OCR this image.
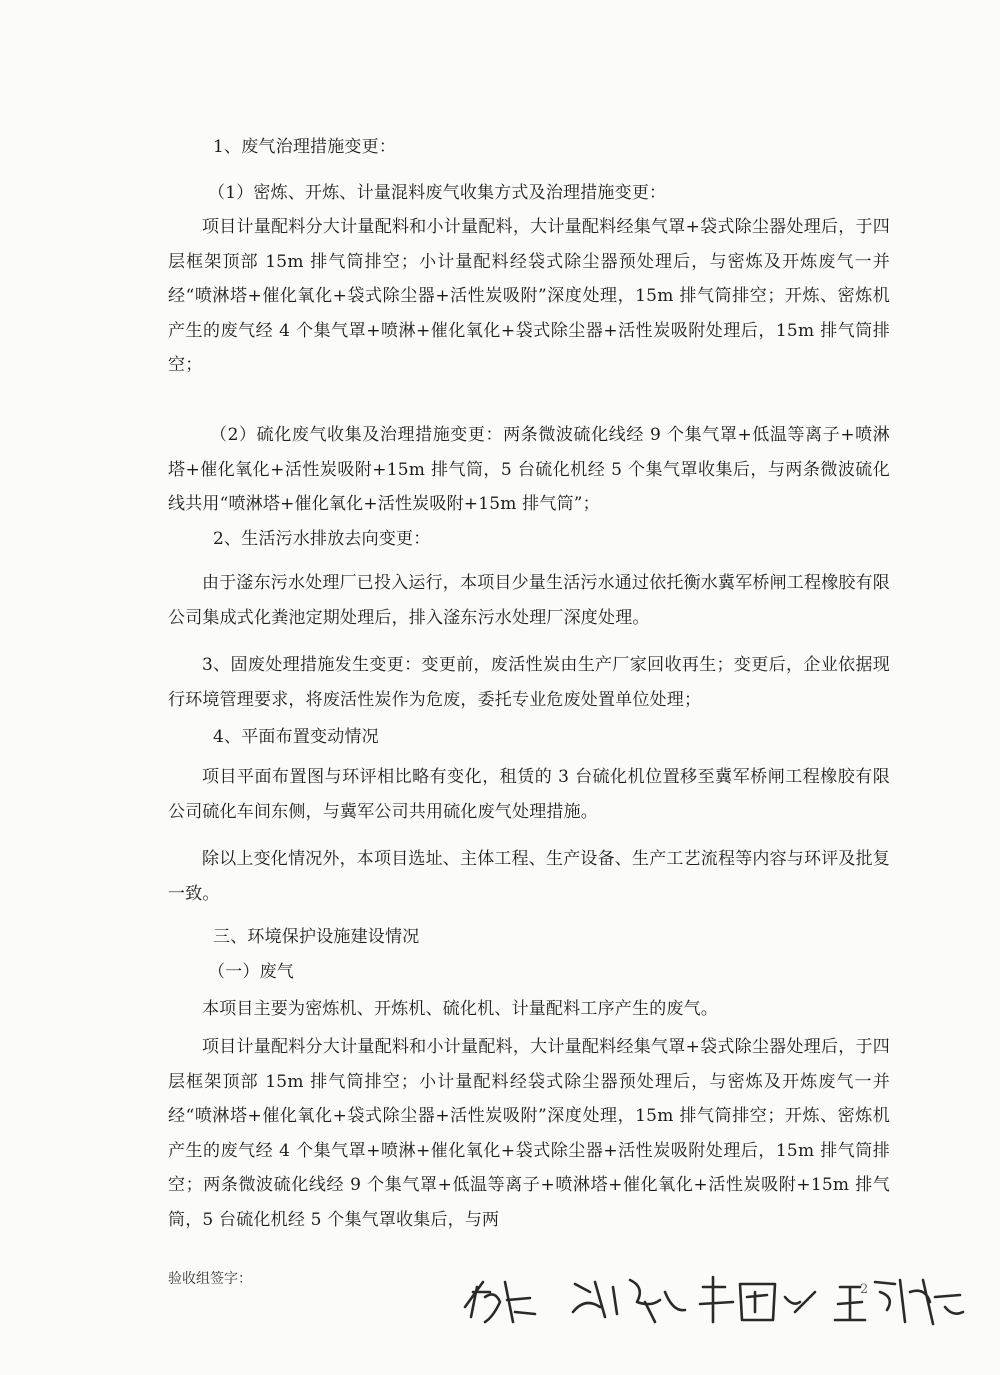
1、废气治理措施变更：

（1）密炼、开炼、计量混料废气收集方式及治理措施变更：

项目计量配料分大计量配料和小计量配料，大计量配料经集气罩+袋式除尘器处理后，于四层框架顶部 15m 排气筒排空；小计量配料经袋式除尘器预处理后，与密炼及开炼废气一并经“喷淋塔+催化氧化+袋式除尘器+活性炭吸附”深度处理，15m 排气筒排空；开炼、密炼机产生的废气经 4 个集气罩+喷淋+催化氧化+袋式除尘器+活性炭吸附处理后，15m 排气筒排空；

（2）硫化废气收集及治理措施变更：两条微波硫化线经 9 个集气罩+低温等离子+喷淋塔+催化氧化+活性炭吸附+15m 排气筒，5 台硫化机经 5 个集气罩收集后，与两条微波硫化线共用“喷淋塔+催化氧化+活性炭吸附+15m 排气筒”；

2、生活污水排放去向变更：

由于滏东污水处理厂已投入运行，本项目少量生活污水通过依托衡水冀军桥闸工程橡胶有限公司集成式化粪池定期处理后，排入滏东污水处理厂深度处理。

3、固废处理措施发生变更：变更前，废活性炭由生产厂家回收再生；变更后，企业依据现行环境管理要求，将废活性炭作为危废，委托专业危废处置单位处理；

4、平面布置变动情况

项目平面布置图与环评相比略有变化，租赁的 3 台硫化机位置移至冀军桥闸工程橡胶有限公司硫化车间东侧，与冀军公司共用硫化废气处理措施。

除以上变化情况外，本项目选址、主体工程、生产设备、生产工艺流程等内容与环评及批复一致。

三、环境保护设施建设情况

（一）废气

本项目主要为密炼机、开炼机、硫化机、计量配料工序产生的废气。

项目计量配料分大计量配料和小计量配料，大计量配料经集气罩+袋式除尘器处理后，于四层框架顶部 15m 排气筒排空；小计量配料经袋式除尘器预处理后，与密炼及开炼废气一并经“喷淋塔+催化氧化+袋式除尘器+活性炭吸附”深度处理，15m 排气筒排空；开炼、密炼机产生的废气经 4 个集气罩+喷淋+催化氧化+袋式除尘器+活性炭吸附处理后，15m 排气筒排空；两条微波硫化线经 9 个集气罩+低温等离子+喷淋塔+催化氧化+活性炭吸附+15m 排气筒，5 台硫化机经 5 个集气罩收集后，与两

验收组签字：
2
